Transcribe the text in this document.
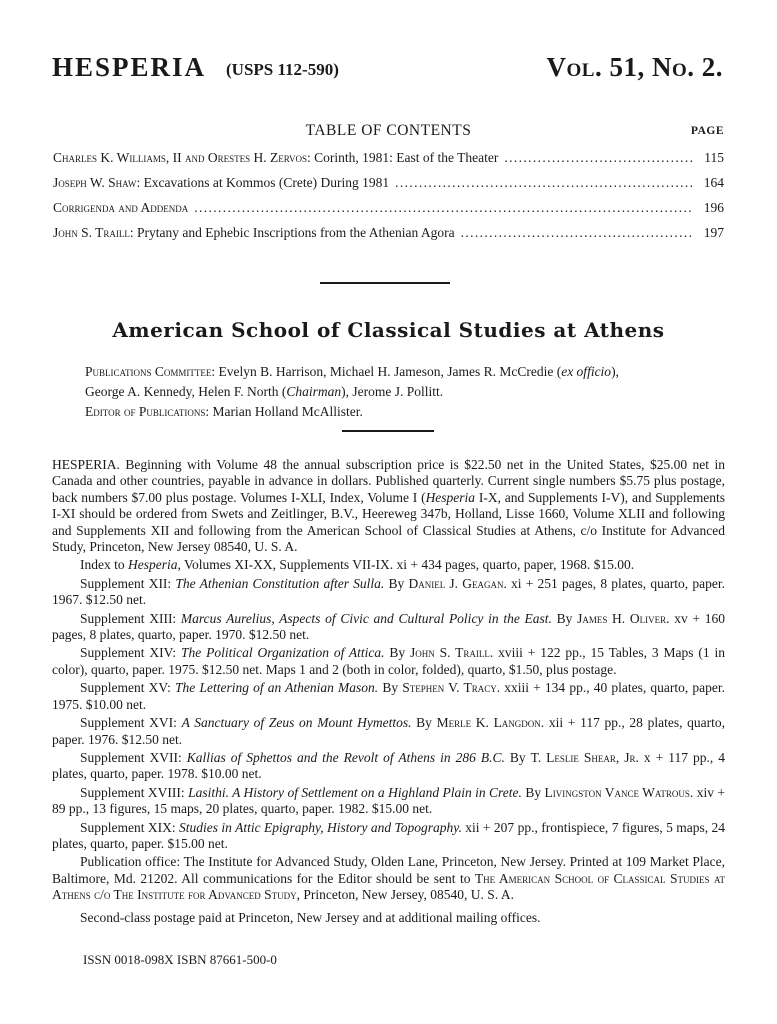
HESPERIA (USPS 112-590)	Vol. 51, No. 2.
TABLE OF CONTENTS	PAGE
Charles K. Williams, II and Orestes H. Zervos: Corinth, 1981: East of the Theater . . .	115
Joseph W. Shaw: Excavations at Kommos (Crete) During 1981 . . .	164
Corrigenda and Addenda . . .	196
John S. Traill: Prytany and Ephebic Inscriptions from the Athenian Agora . . .	197
American School of Classical Studies at Athens
Publications Committee: Evelyn B. Harrison, Michael H. Jameson, James R. McCredie (ex officio),
George A. Kennedy, Helen F. North (Chairman), Jerome J. Pollitt.
Editor of Publications: Marian Holland McAllister.

HESPERIA. Beginning with Volume 48 the annual subscription price is $22.50 net in the United States, $25.00 net in Canada and other countries, payable in advance in dollars. Published quarterly. Current single numbers $5.75 plus postage, back numbers $7.00 plus postage. Volumes I-XLI, Index, Volume I (Hesperia I-X, and Supplements I-V), and Supplements I-XI should be ordered from Swets and Zeitlinger, B.V., Heereweg 347b, Holland, Lisse 1660, Volume XLII and following and Supplements XII and following from the American School of Classical Studies at Athens, c/o Institute for Advanced Study, Princeton, New Jersey 08540, U. S. A.

Index to Hesperia, Volumes XI-XX, Supplements VII-IX. xi + 434 pages, quarto, paper, 1968. $15.00.

Supplement XII: The Athenian Constitution after Sulla. By Daniel J. Geagan. xi + 251 pages, 8 plates, quarto, paper. 1967. $12.50 net.

Supplement XIII: Marcus Aurelius, Aspects of Civic and Cultural Policy in the East. By James H. Oliver. xv + 160 pages, 8 plates, quarto, paper. 1970. $12.50 net.

Supplement XIV: The Political Organization of Attica. By John S. Traill. xviii + 122 pp., 15 Tables, 3 Maps (1 in color), quarto, paper. 1975. $12.50 net. Maps 1 and 2 (both in color, folded), quarto, $1.50, plus postage.

Supplement XV: The Lettering of an Athenian Mason. By Stephen V. Tracy. xxiii + 134 pp., 40 plates, quarto, paper. 1975. $10.00 net.

Supplement XVI: A Sanctuary of Zeus on Mount Hymettos. By Merle K. Langdon. xii + 117 pp., 28 plates, quarto, paper. 1976. $12.50 net.

Supplement XVII: Kallias of Sphettos and the Revolt of Athens in 286 B.C. By T. Leslie Shear, Jr. x + 117 pp., 4 plates, quarto, paper. 1978. $10.00 net.

Supplement XVIII: Lasithi. A History of Settlement on a Highland Plain in Crete. By Livingston Vance Watrous. xiv + 89 pp., 13 figures, 15 maps, 20 plates, quarto, paper. 1982. $15.00 net.

Supplement XIX: Studies in Attic Epigraphy, History and Topography. xii + 207 pp., frontispiece, 7 figures, 5 maps, 24 plates, quarto, paper. $15.00 net.

Publication office: The Institute for Advanced Study, Olden Lane, Princeton, New Jersey. Printed at 109 Market Place, Baltimore, Md. 21202. All communications for the Editor should be sent to The American School of Classical Studies at Athens c/o The Institute for Advanced Study, Princeton, New Jersey, 08540, U. S. A.

Second-class postage paid at Princeton, New Jersey and at additional mailing offices.

ISSN 0018-098X ISBN 87661-500-0
